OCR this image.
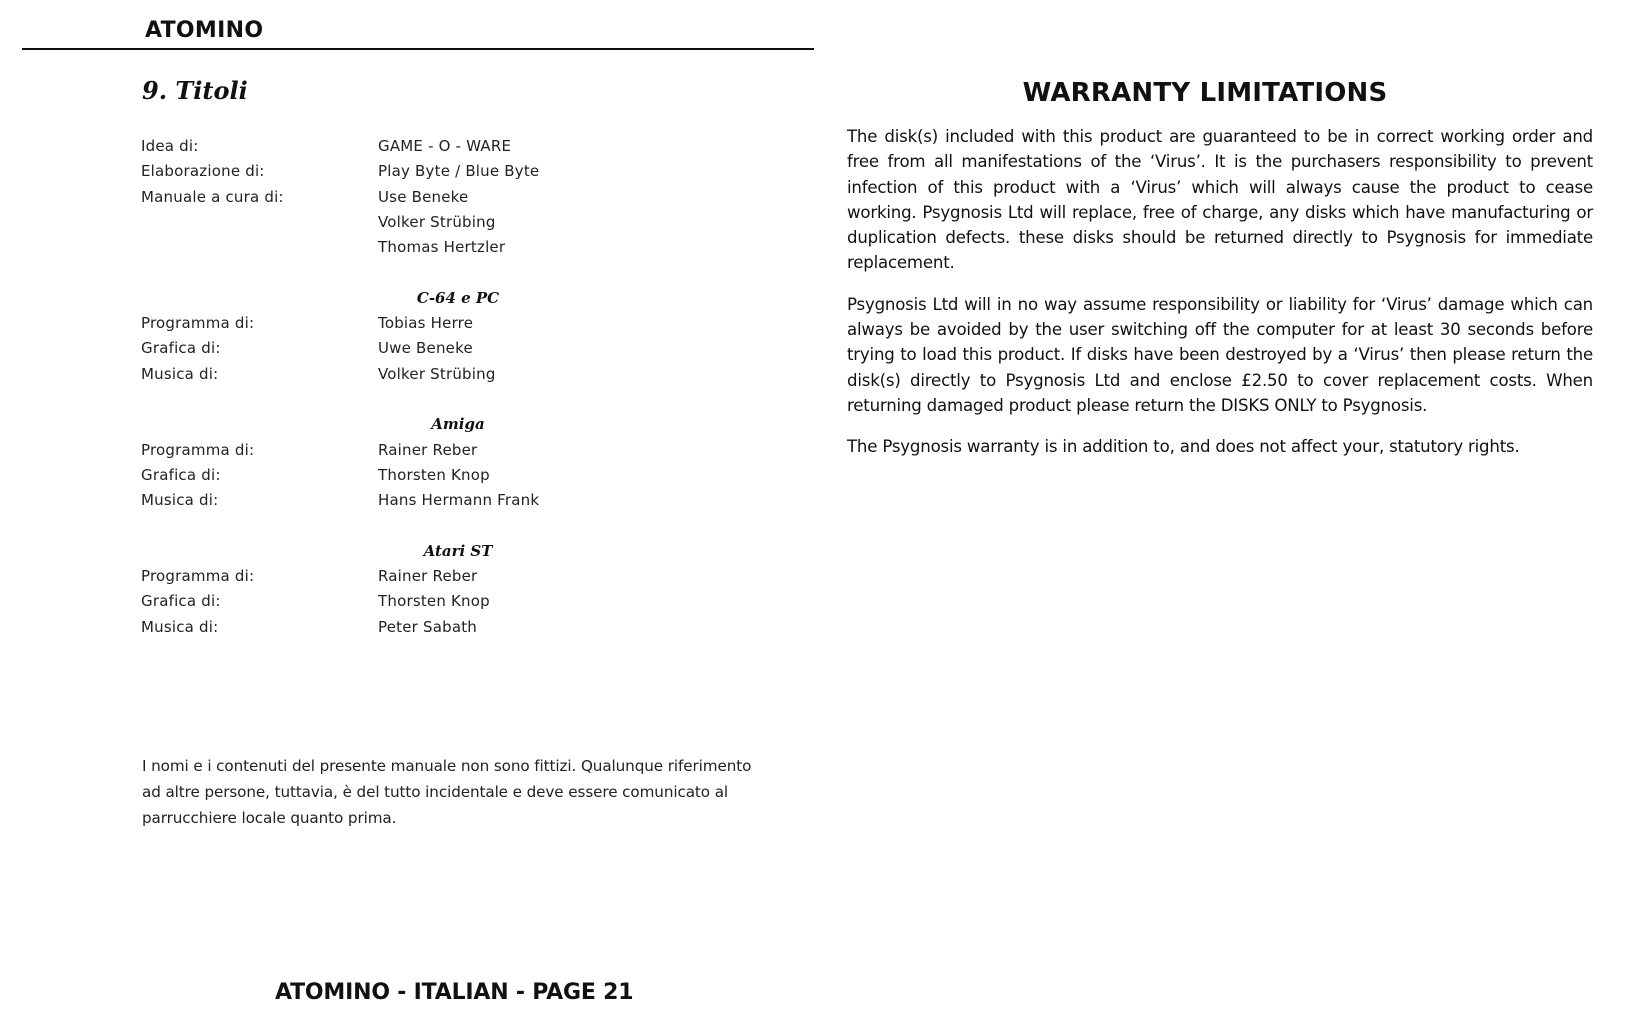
ATOMINO
9. Titoli
Idea di:	GAME - O - WARE
Elaborazione di:	Play Byte / Blue Byte
Manuale a cura di:	Use Beneke
Volker Strübing
Thomas Hertzler
C-64 e PC
Programma di:	Tobias Herre
Grafica di:	Uwe Beneke
Musica di:	Volker Strübing
Amiga
Programma di:	Rainer Reber
Grafica di:	Thorsten Knop
Musica di:	Hans Hermann Frank
Atari ST
Programma di:	Rainer Reber
Grafica di:	Thorsten Knop
Musica di:	Peter Sabath
I nomi e i contenuti del presente manuale non sono fittizi. Qualunque riferimento ad altre persone, tuttavia, è del tutto incidentale e deve essere comunicato al parrucchiere locale quanto prima.
ATOMINO - ITALIAN - PAGE 21
WARRANTY LIMITATIONS

The disk(s) included with this product are guaranteed to be in correct working order and free from all manifestations of the ‘Virus’. It is the purchasers responsibility to prevent infection of this product with a ‘Virus’ which will always cause the product to cease working. Psygnosis Ltd will replace, free of charge, any disks which have manufacturing or duplication defects. these disks should be returned directly to Psygnosis for immediate replacement.

Psygnosis Ltd will in no way assume responsibility or liability for ‘Virus’ damage which can always be avoided by the user switching off the computer for at least 30 seconds before trying to load this product. If disks have been destroyed by a ‘Virus’ then please return the disk(s) directly to Psygnosis Ltd and enclose £2.50 to cover replacement costs. When returning damaged product please return the DISKS ONLY to Psygnosis.

The Psygnosis warranty is in addition to, and does not affect your, statutory rights.
